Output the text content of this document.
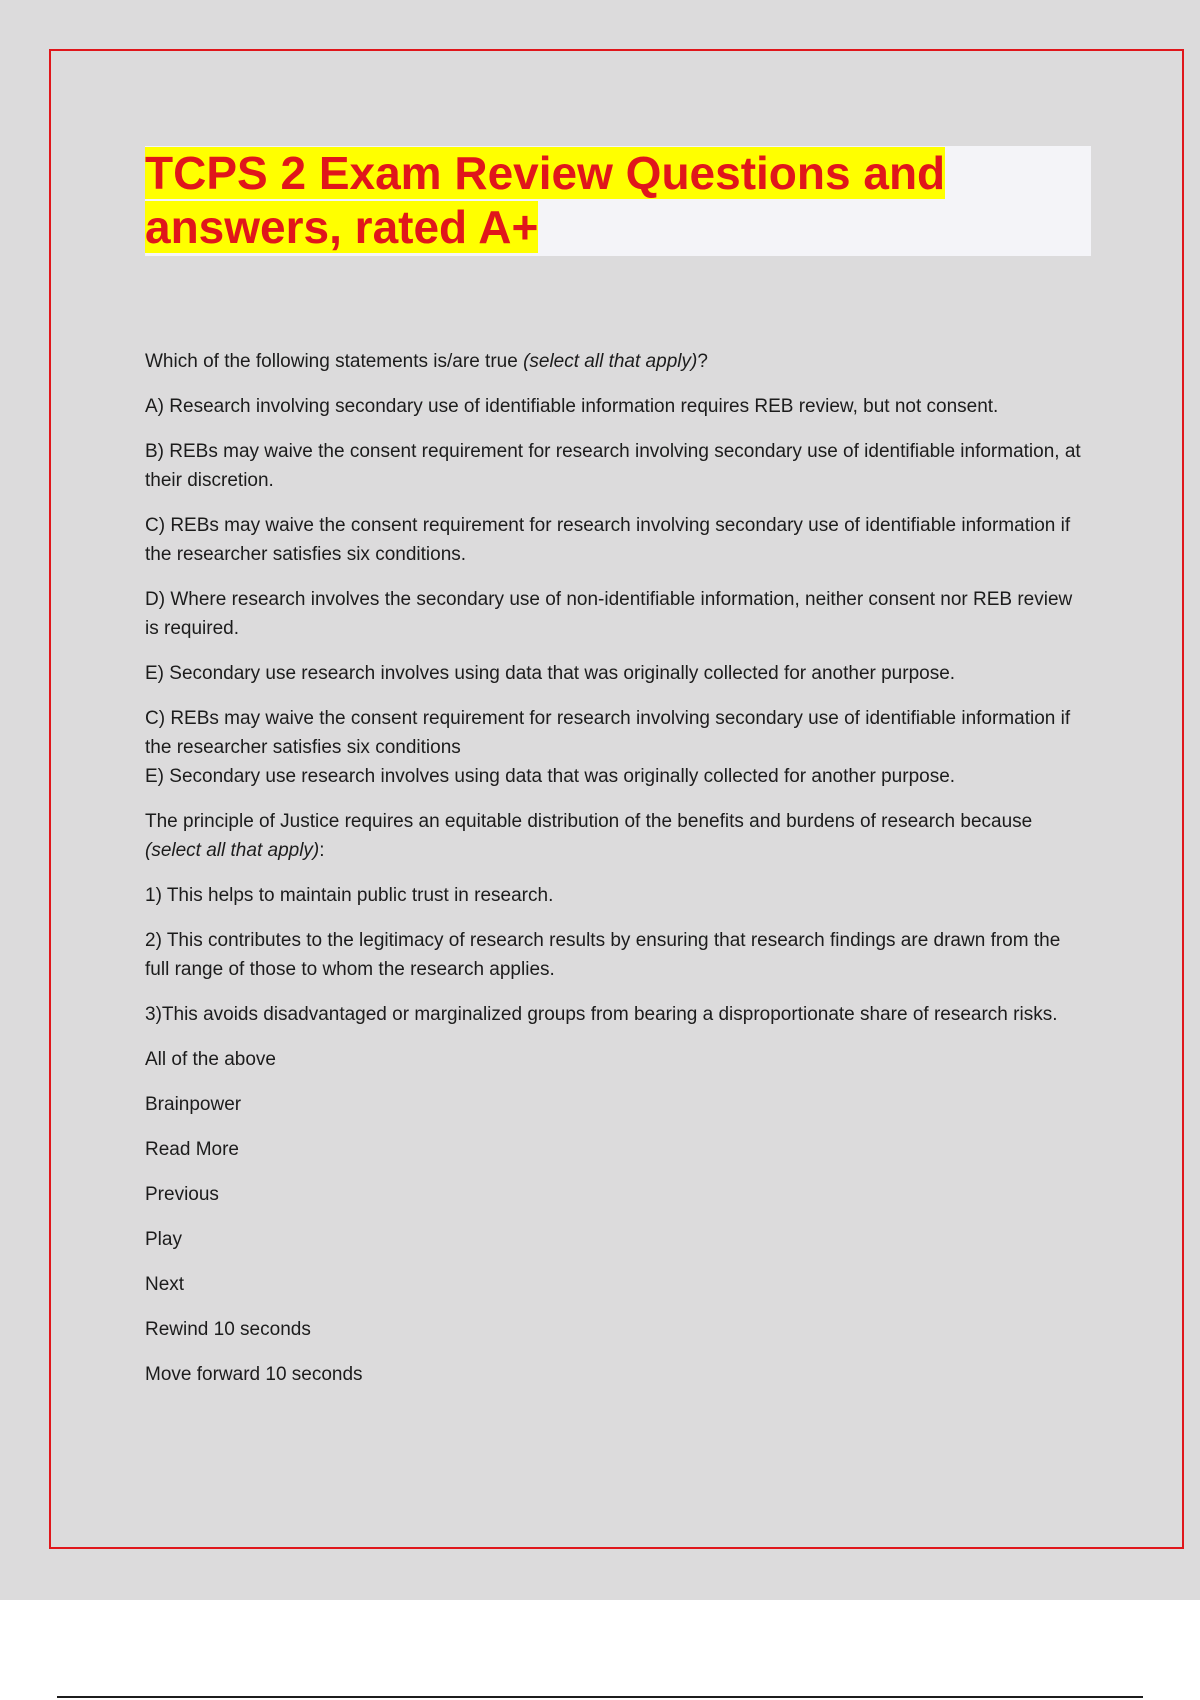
TCPS 2 Exam Review Questions and answers, rated A+

Which of the following statements is/are true (select all that apply)?

A) Research involving secondary use of identifiable information requires REB review, but not consent.

B) REBs may waive the consent requirement for research involving secondary use of identifiable information, at their discretion.

C) REBs may waive the consent requirement for research involving secondary use of identifiable information if the researcher satisfies six conditions.

D) Where research involves the secondary use of non-identifiable information, neither consent nor REB review is required.

E) Secondary use research involves using data that was originally collected for another purpose.

C) REBs may waive the consent requirement for research involving secondary use of identifiable information if the researcher satisfies six conditions

E) Secondary use research involves using data that was originally collected for another purpose.

The principle of Justice requires an equitable distribution of the benefits and burdens of research because (select all that apply):

1) This helps to maintain public trust in research.

2) This contributes to the legitimacy of research results by ensuring that research findings are drawn from the full range of those to whom the research applies.

3)This avoids disadvantaged or marginalized groups from bearing a disproportionate share of research risks.

All of the above

Brainpower

Read More

Previous

Play

Next

Rewind 10 seconds

Move forward 10 seconds
